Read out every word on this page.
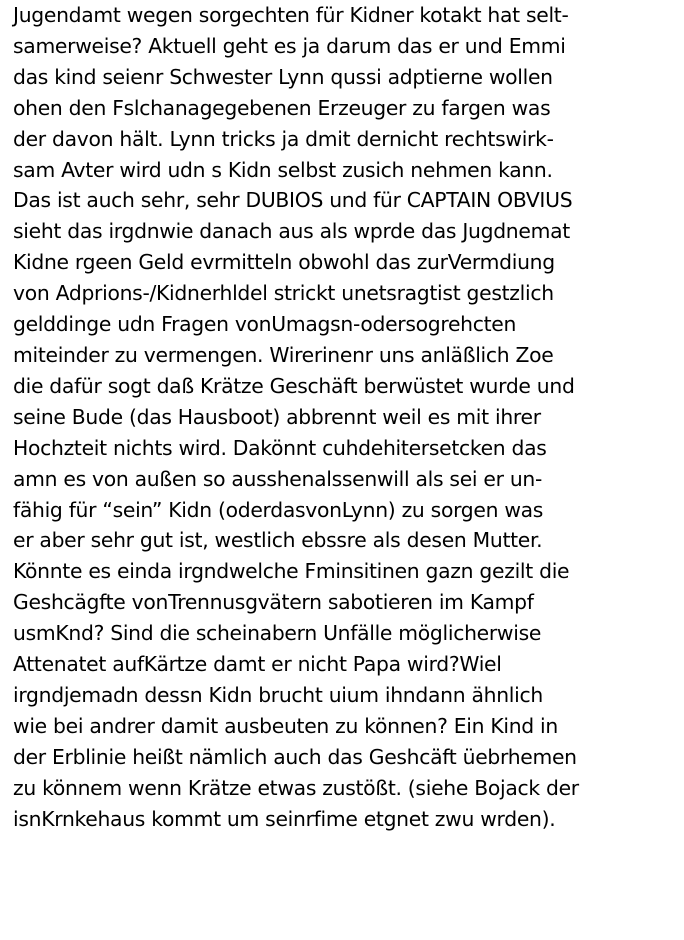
Jugendamt wegen sorgechten für Kidner kotakt hat selt-
samerweise? Aktuell geht es ja darum das er und Emmi
das kind seienr Schwester Lynn qussi adptierne wollen
ohen den Fslchanagegebenen Erzeuger zu fargen was
der davon hält. Lynn tricks ja dmit dernicht rechtswirk-
sam Avter wird udn s Kidn selbst zusich nehmen kann.
Das ist auch sehr, sehr DUBIOS und für CAPTAIN OBVIUS
sieht das irgdnwie danach aus als wprde das Jugdnemat
Kidne rgeen Geld evrmitteln obwohl das zurVermdiung
von Adprions-/Kidnerhldel strickt unetsragtist gestzlich
gelddinge udn Fragen vonUmagsn-odersogrehcten
miteinder zu vermengen. Wirerinenr uns anläßlich Zoe
die dafür sogt daß Krätze Geschäft berwüstet wurde und
seine Bude (das Hausboot) abbrennt weil es mit ihrer
Hochzteit nichts wird. Dakönnt cuhdehitersetcken das
amn es von außen so ausshenalssenwill als sei er un-
fähig für “sein” Kidn (oderdasvonLynn) zu sorgen was
er aber sehr gut ist, westlich ebssre als desen Mutter.
Könnte es einda irgndwelche Fminsitinen gazn gezilt die
Geshcägfte vonTrennusgvätern sabotieren im Kampf
usmKnd? Sind die scheinabern Unfälle möglicherwise
Attenatet aufKärtze damt er nicht Papa wird?Wiel
irgndjemadn dessn Kidn brucht uium ihndann ähnlich
wie bei andrer damit ausbeuten zu können? Ein Kind in
der Erblinie heißt nämlich auch das Geshcäft üebrhemen
zu könnem wenn Krätze etwas zustößt. (siehe Bojack der
isnKrnkehaus kommt um seinrfime etgnet zwu wrden).
